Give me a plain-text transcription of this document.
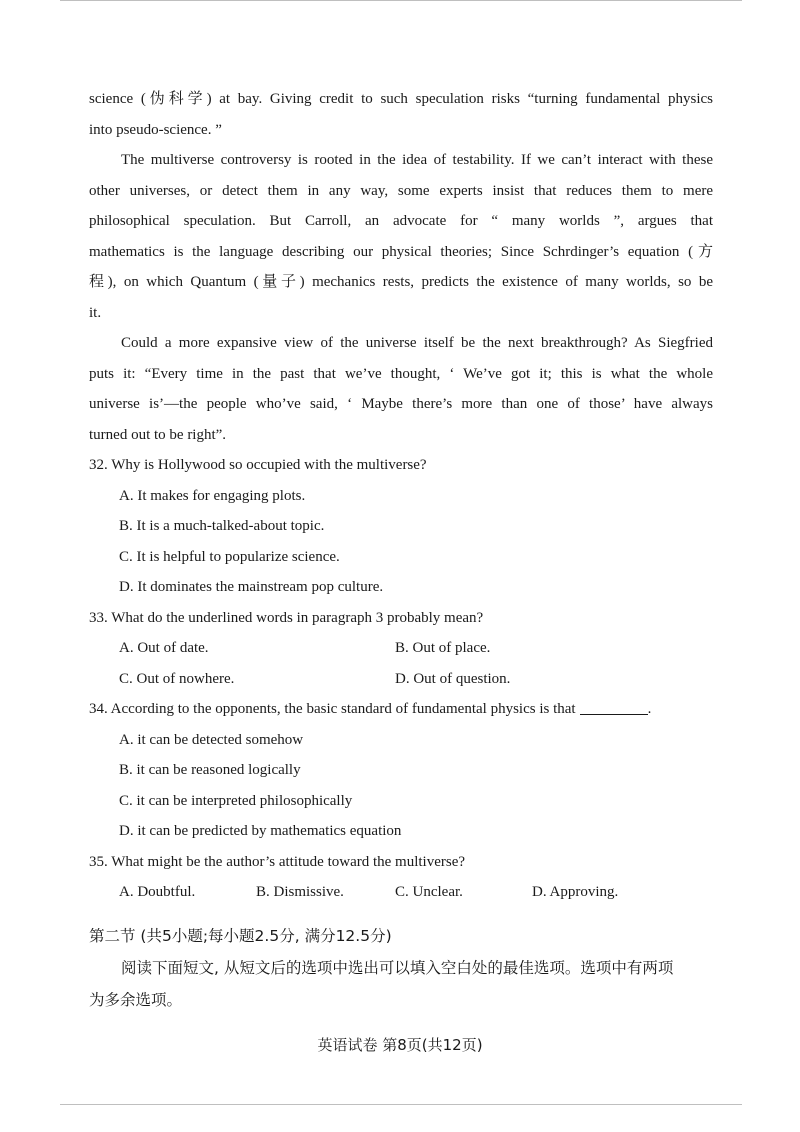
science (伪科学) at bay. Giving credit to such speculation risks “turning fundamental physics
into pseudo-science. ”
The multiverse controversy is rooted in the idea of testability. If we can’t interact with these
other universes, or detect them in any way, some experts insist that reduces them to mere
philosophical speculation. But Carroll, an advocate for “ many worlds ”, argues that
mathematics is the language describing our physical theories; Since Schrdinger’s equation (方
程), on which Quantum (量子) mechanics rests, predicts the existence of many worlds, so be
it.
Could a more expansive view of the universe itself be the next breakthrough? As Siegfried
puts it: “Every time in the past that we’ve thought, ‘ We’ve got it; this is what the whole
universe is’—the people who’ve said, ‘ Maybe there’s more than one of those’ have always
turned out to be right”.
32. Why is Hollywood so occupied with the multiverse?
A. It makes for engaging plots.
B. It is a much-talked-about topic.
C. It is helpful to popularize science.
D. It dominates the mainstream pop culture.
33. What do the underlined words in paragraph 3 probably mean?
A. Out of date.	B. Out of place.
C. Out of nowhere.	D. Out of question.
34. According to the opponents, the basic standard of fundamental physics is that	.
A. it can be detected somehow
B. it can be reasoned logically
C. it can be interpreted philosophically
D. it can be predicted by mathematics equation
35. What might be the author’s attitude toward the multiverse?
A. Doubtful.	B. Dismissive.	C. Unclear.	D. Approving.
第二节 (共5小题;每小题2.5分, 满分12.5分)
阅读下面短文, 从短文后的选项中选出可以填入空白处的最佳选项。选项中有两项
为多余选项。
英语试卷 第8页(共12页)
